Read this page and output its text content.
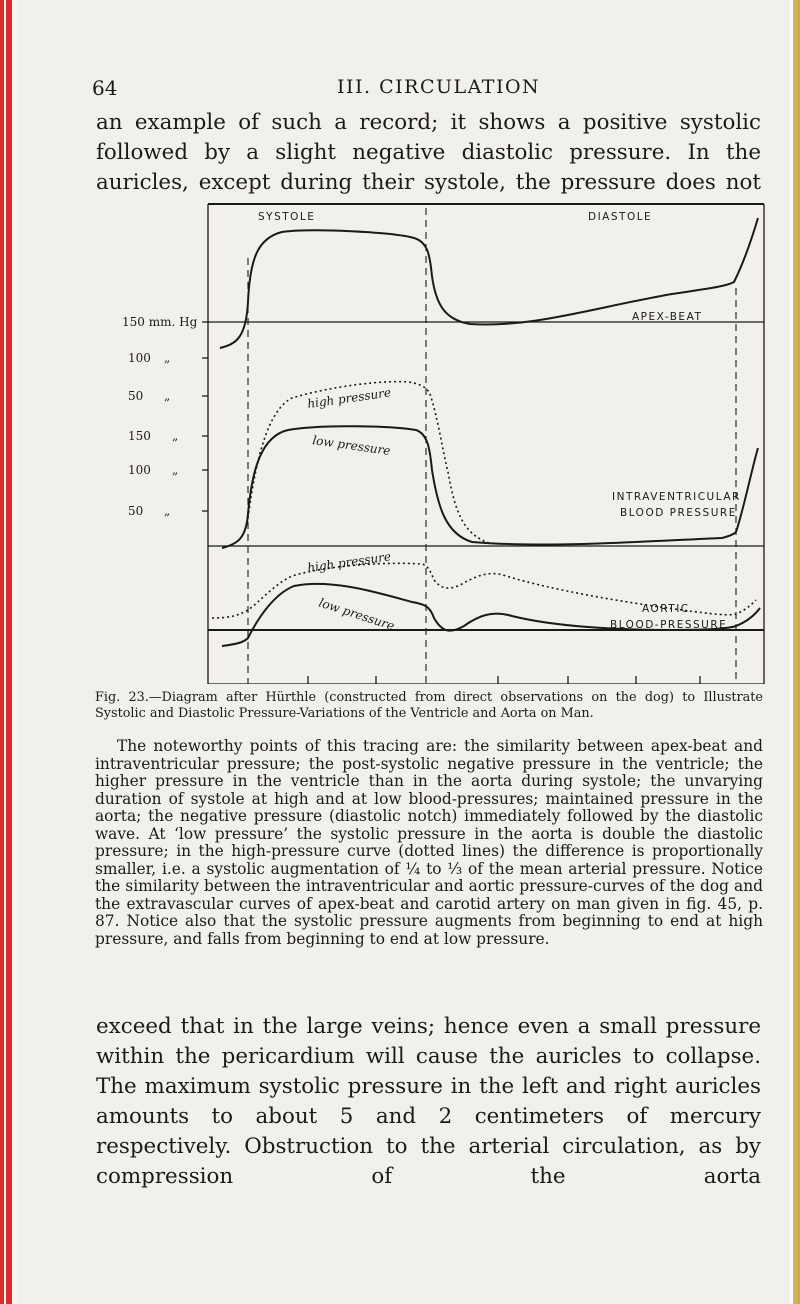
64	III. CIRCULATION

an example of such a record; it shows a positive systolic followed by a slight negative diastolic pressure. In the auricles, except during their systole, the pressure does not

SYSTOLE	DIASTOLE
APEX-BEAT
INTRAVENTRICULAR
BLOOD PRESSURE
AORTIC
BLOOD-PRESSURE
high pressure
low pressure
high pressure
low pressure
150 mm. Hg
100 „
50 „
150 „
100 „
50 „

Fig. 23.—Diagram after Hürthle (constructed from direct observations on the dog) to Illustrate Systolic and Diastolic Pressure-Variations of the Ventricle and Aorta on Man.

The noteworthy points of this tracing are: the similarity between apex-beat and intraventricular pressure; the post-systolic negative pressure in the ventricle; the higher pressure in the ventricle than in the aorta during systole; the unvarying duration of systole at high and at low blood-pressures; maintained pressure in the aorta; the negative pressure (diastolic notch) immediately followed by the diastolic wave. At ‘low pressure’ the systolic pressure in the aorta is double the diastolic pressure; in the high-pressure curve (dotted lines) the difference is proportionally smaller, i.e. a systolic augmentation of ¼ to ⅓ of the mean arterial pressure. Notice the similarity between the intraventricular and aortic pressure-curves of the dog and the extravascular curves of apex-beat and carotid artery on man given in fig. 45, p. 87. Notice also that the systolic pressure augments from beginning to end at high pressure, and falls from beginning to end at low pressure.

exceed that in the large veins; hence even a small pressure within the pericardium will cause the auricles to collapse. The maximum systolic pressure in the left and right auricles amounts to about 5 and 2 centimeters of mercury respectively. Obstruction to the arterial circulation, as by compression of the aorta
